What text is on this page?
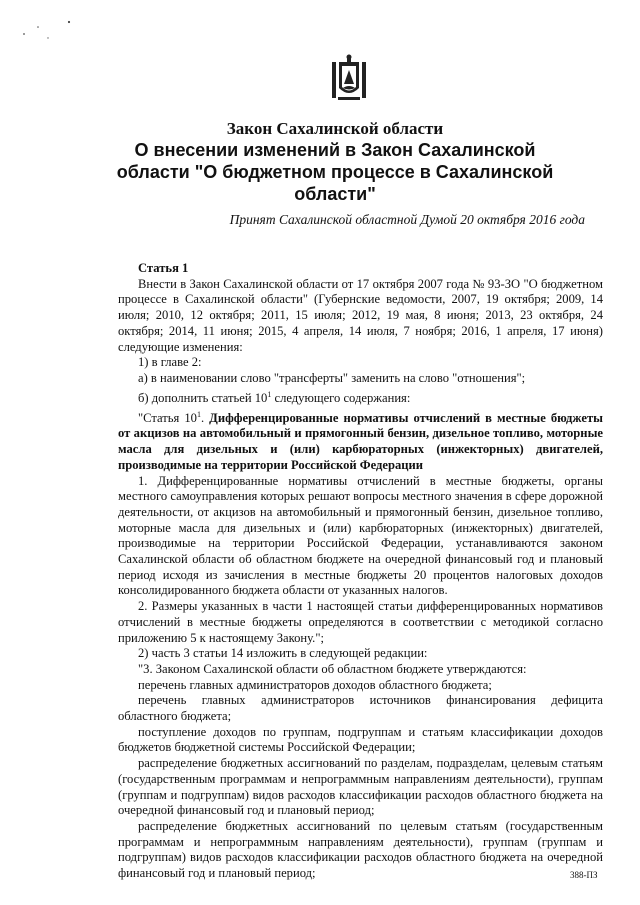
Закон Сахалинской области
О внесении изменений в Закон Сахалинской
области "О бюджетном процессе в Сахалинской
области"
Принят Сахалинской областной Думой 20 октября 2016 года
Статья 1

Внести в Закон Сахалинской области от 17 октября 2007 года № 93-ЗО "О бюджетном процессе в Сахалинской области" (Губернские ведомости, 2007, 19 октября; 2009, 14 июля; 2010, 12 октября; 2011, 15 июля; 2012, 19 мая, 8 июня; 2013, 23 октября, 24 октября; 2014, 11 июня; 2015, 4 апреля, 14 июля, 7 ноября; 2016, 1 апреля, 17 июня) следующие изменения:

1) в главе 2:

а) в наименовании слово "трансферты" заменить на слово "отношения";

б) дополнить статьей $10^1$ следующего содержания:

"Статья $10^1$. Дифференцированные нормативы отчислений в местные бюджеты от акцизов на автомобильный и прямогонный бензин, дизельное топливо, моторные масла для дизельных и (или) карбюраторных (инжекторных) двигателей, производимые на территории Российской Федерации

1. Дифференцированные нормативы отчислений в местные бюджеты, органы местного самоуправления которых решают вопросы местного значения в сфере дорожной деятельности, от акцизов на автомобильный и прямогонный бензин, дизельное топливо, моторные масла для дизельных и (или) карбюраторных (инжекторных) двигателей, производимые на территории Российской Федерации, устанавливаются законом Сахалинской области об областном бюджете на очередной финансовый год и плановый период исходя из зачисления в местные бюджеты 20 процентов налоговых доходов консолидированного бюджета области от указанных налогов.

2. Размеры указанных в части 1 настоящей статьи дифференцированных нормативов отчислений в местные бюджеты определяются в соответствии с методикой согласно приложению 5 к настоящему Закону.";

2) часть 3 статьи 14 изложить в следующей редакции:

"3. Законом Сахалинской области об областном бюджете утверждаются:

перечень главных администраторов доходов областного бюджета;

перечень главных администраторов источников финансирования дефицита областного бюджета;

поступление доходов по группам, подгруппам и статьям классификации доходов бюджетов бюджетной системы Российской Федерации;

распределение бюджетных ассигнований по разделам, подразделам, целевым статьям (государственным программам и непрограммным направлениям деятельности), группам (группам и подгруппам) видов расходов классификации расходов областного бюджета на очередной финансовый год и плановый период;

распределение бюджетных ассигнований по целевым статьям (государственным программам и непрограммным направлениям деятельности), группам (группам и подгруппам) видов расходов классификации расходов областного бюджета на очередной финансовый год и плановый период;	388-ПЗ
